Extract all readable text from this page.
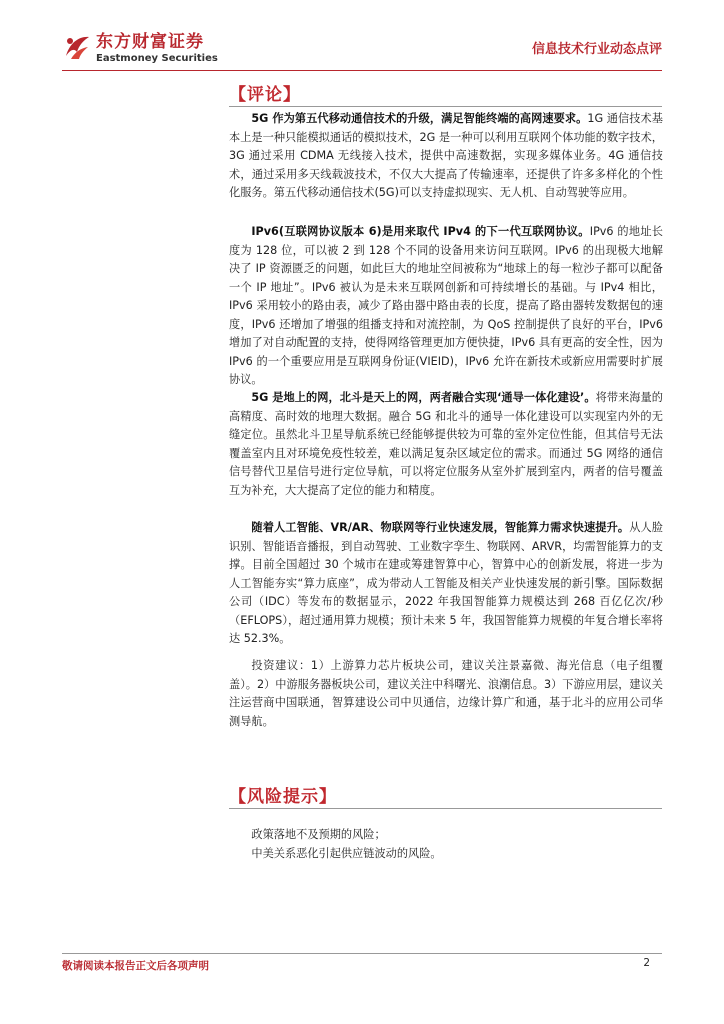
东方财富证券
Eastmoney Securities
信息技术行业动态点评
【评论】
5G 作为第五代移动通信技术的升级，满足智能终端的高网速要求。1G 通信技术基本上是一种只能模拟通话的模拟技术，2G 是一种可以利用互联网个体功能的数字技术，3G 通过采用 CDMA 无线接入技术，提供中高速数据，实现多媒体业务。4G 通信技术，通过采用多天线载波技术，不仅大大提高了传输速率，还提供了许多多样化的个性化服务。第五代移动通信技术(5G)可以支持虚拟现实、无人机、自动驾驶等应用。
IPv6(互联网协议版本 6)是用来取代 IPv4 的下一代互联网协议。IPv6 的地址长度为 128 位，可以被 2 到 128 个不同的设备用来访问互联网。IPv6 的出现极大地解决了 IP 资源匮乏的问题，如此巨大的地址空间被称为“地球上的每一粒沙子都可以配备一个 IP 地址”。IPv6 被认为是未来互联网创新和可持续增长的基础。与 IPv4 相比，IPv6 采用较小的路由表，减少了路由器中路由表的长度，提高了路由器转发数据包的速度，IPv6 还增加了增强的组播支持和对流控制，为 QoS 控制提供了良好的平台，IPv6 增加了对自动配置的支持，使得网络管理更加方便快捷，IPv6 具有更高的安全性，因为 IPv6 的一个重要应用是互联网身份证(VIEID)，IPv6 允许在新技术或新应用需要时扩展协议。
5G 是地上的网，北斗是天上的网，两者融合实现‘通导一体化建设’。将带来海量的高精度、高时效的地理大数据。融合 5G 和北斗的通导一体化建设可以实现室内外的无缝定位。虽然北斗卫星导航系统已经能够提供较为可靠的室外定位性能，但其信号无法覆盖室内且对环境免疫性较差，难以满足复杂区域定位的需求。而通过 5G 网络的通信信号替代卫星信号进行定位导航，可以将定位服务从室外扩展到室内，两者的信号覆盖互为补充，大大提高了定位的能力和精度。
随着人工智能、VR/AR、物联网等行业快速发展，智能算力需求快速提升。从人脸识别、智能语音播报，到自动驾驶、工业数字孪生、物联网、ARVR，均需智能算力的支撑。目前全国超过 30 个城市在建或筹建智算中心，智算中心的创新发展，将进一步为人工智能夯实“算力底座”，成为带动人工智能及相关产业快速发展的新引擎。国际数据公司（IDC）等发布的数据显示，2022 年我国智能算力规模达到 268 百亿亿次/秒（EFLOPS），超过通用算力规模；预计未来 5 年，我国智能算力规模的年复合增长率将达 52.3%。
投资建议：1）上游算力芯片板块公司，建议关注景嘉微、海光信息（电子组覆盖）。2）中游服务器板块公司，建议关注中科曙光、浪潮信息。3）下游应用层，建议关注运营商中国联通，智算建设公司中贝通信，边缘计算广和通，基于北斗的应用公司华测导航。
【风险提示】
政策落地不及预期的风险；
中美关系恶化引起供应链波动的风险。
敬请阅读本报告正文后各项声明	2
